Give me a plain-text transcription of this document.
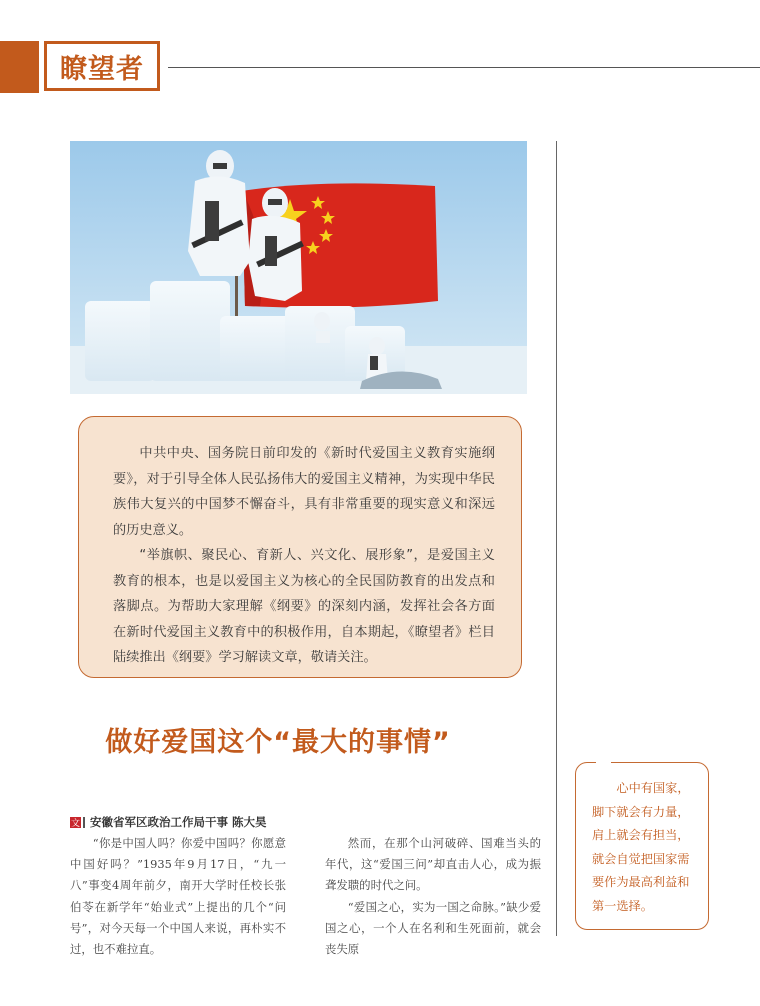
瞭望者

中共中央、国务院日前印发的《新时代爱国主义教育实施纲要》，对于引导全体人民弘扬伟大的爱国主义精神，为实现中华民族伟大复兴的中国梦不懈奋斗，具有非常重要的现实意义和深远的历史意义。

“举旗帜、聚民心、育新人、兴文化、展形象”，是爱国主义教育的根本，也是以爱国主义为核心的全民国防教育的出发点和落脚点。为帮助大家理解《纲要》的深刻内涵，发挥社会各方面在新时代爱国主义教育中的积极作用，自本期起，《瞭望者》栏目陆续推出《纲要》学习解读文章，敬请关注。

做好爱国这个“最大的事情”
文 安徽省军区政治工作局干事 陈大昊

“你是中国人吗？你爱中国吗？你愿意中国好吗？”1935年9月17日，“九一八”事变4周年前夕，南开大学时任校长张伯苓在新学年“始业式”上提出的几个“问号”，对今天每一个中国人来说，再朴实不过，也不难拉直。

然而，在那个山河破碎、国难当头的年代，这“爱国三问”却直击人心，成为振聋发聩的时代之问。

“爱国之心，实为一国之命脉。”缺少爱国之心，一个人在名利和生死面前，就会丧失原

心中有国家，脚下就会有力量，肩上就会有担当，就会自觉把国家需要作为最高利益和第一选择。
